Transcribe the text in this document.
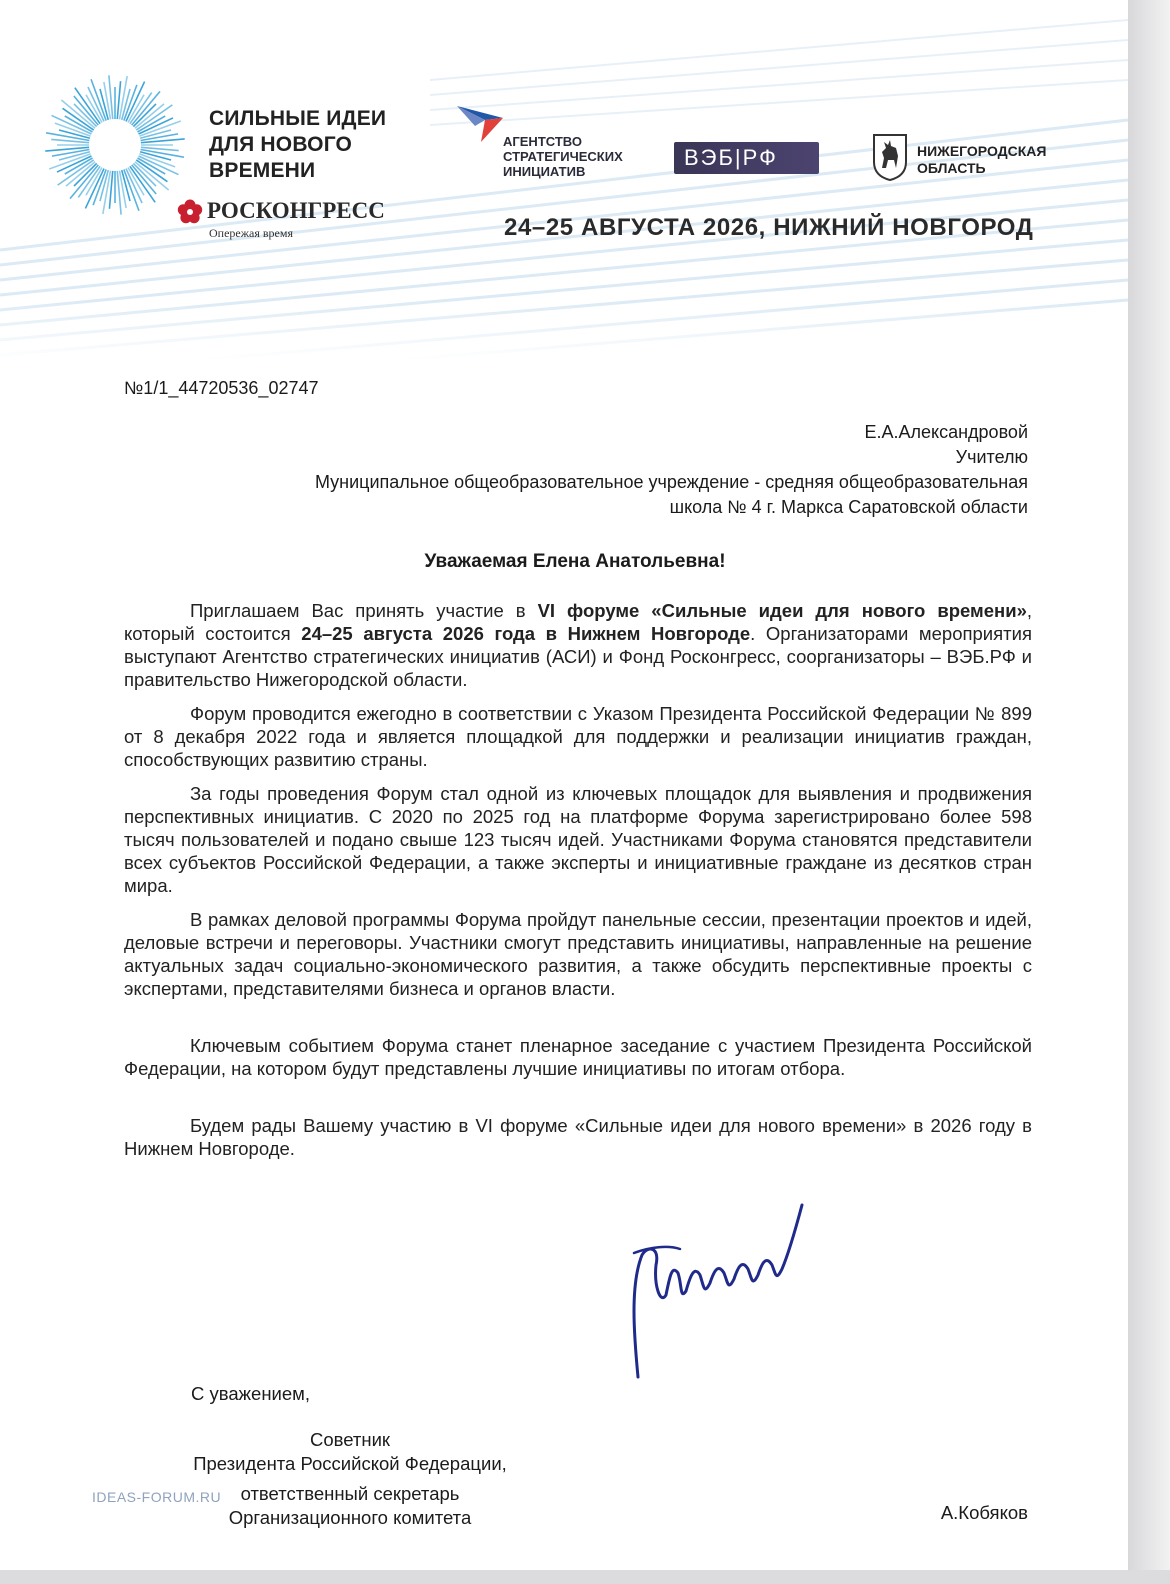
СИЛЬНЫЕ ИДЕИ
ДЛЯ НОВОГО
ВРЕМЕНИ
РОСКОНГРЕСС
Опережая время
АГЕНТСТВО
СТРАТЕГИЧЕСКИХ
ИНИЦИАТИВ
ВЭБ|РФ	НИЖЕГОРОДСКАЯ
ОБЛАСТЬ
24–25 АВГУСТА 2026, НИЖНИЙ НОВГОРОД
№1/1_44720536_02747
Е.А.Александровой
Учителю
Муниципальное общеобразовательное учреждение - средняя общеобразовательная
школа № 4 г. Маркса Саратовской области
Уважаемая Елена Анатольевна!

Приглашаем Вас принять участие в VI форуме «Сильные идеи для нового времени», который состоится 24–25 августа 2026 года в Нижнем Новгороде. Организаторами мероприятия выступают Агентство стратегических инициатив (АСИ) и Фонд Росконгресс, соорганизаторы – ВЭБ.РФ и правительство Нижегородской области.

Форум проводится ежегодно в соответствии с Указом Президента Российской Федерации № 899 от 8 декабря 2022 года и является площадкой для поддержки и реализации инициатив граждан, способствующих развитию страны.

За годы проведения Форум стал одной из ключевых площадок для выявления и продвижения перспективных инициатив. С 2020 по 2025 год на платформе Форума зарегистрировано более 598 тысяч пользователей и подано свыше 123 тысяч идей. Участниками Форума становятся представители всех субъектов Российской Федерации, а также эксперты и инициативные граждане из десятков стран мира.

В рамках деловой программы Форума пройдут панельные сессии, презентации проектов и идей, деловые встречи и переговоры. Участники смогут представить инициативы, направленные на решение актуальных задач социально-экономического развития, а также обсудить перспективные проекты с экспертами, представителями бизнеса и органов власти.

Ключевым событием Форума станет пленарное заседание с участием Президента Российской Федерации, на котором будут представлены лучшие инициативы по итогам отбора.

Будем рады Вашему участию в VI форуме «Сильные идеи для нового времени» в 2026 году в Нижнем Новгороде.

С уважением,
IDEAS-FORUM.RU
Советник
Президента Российской Федерации,
ответственный секретарь
Организационного комитета	А.Кобяков
